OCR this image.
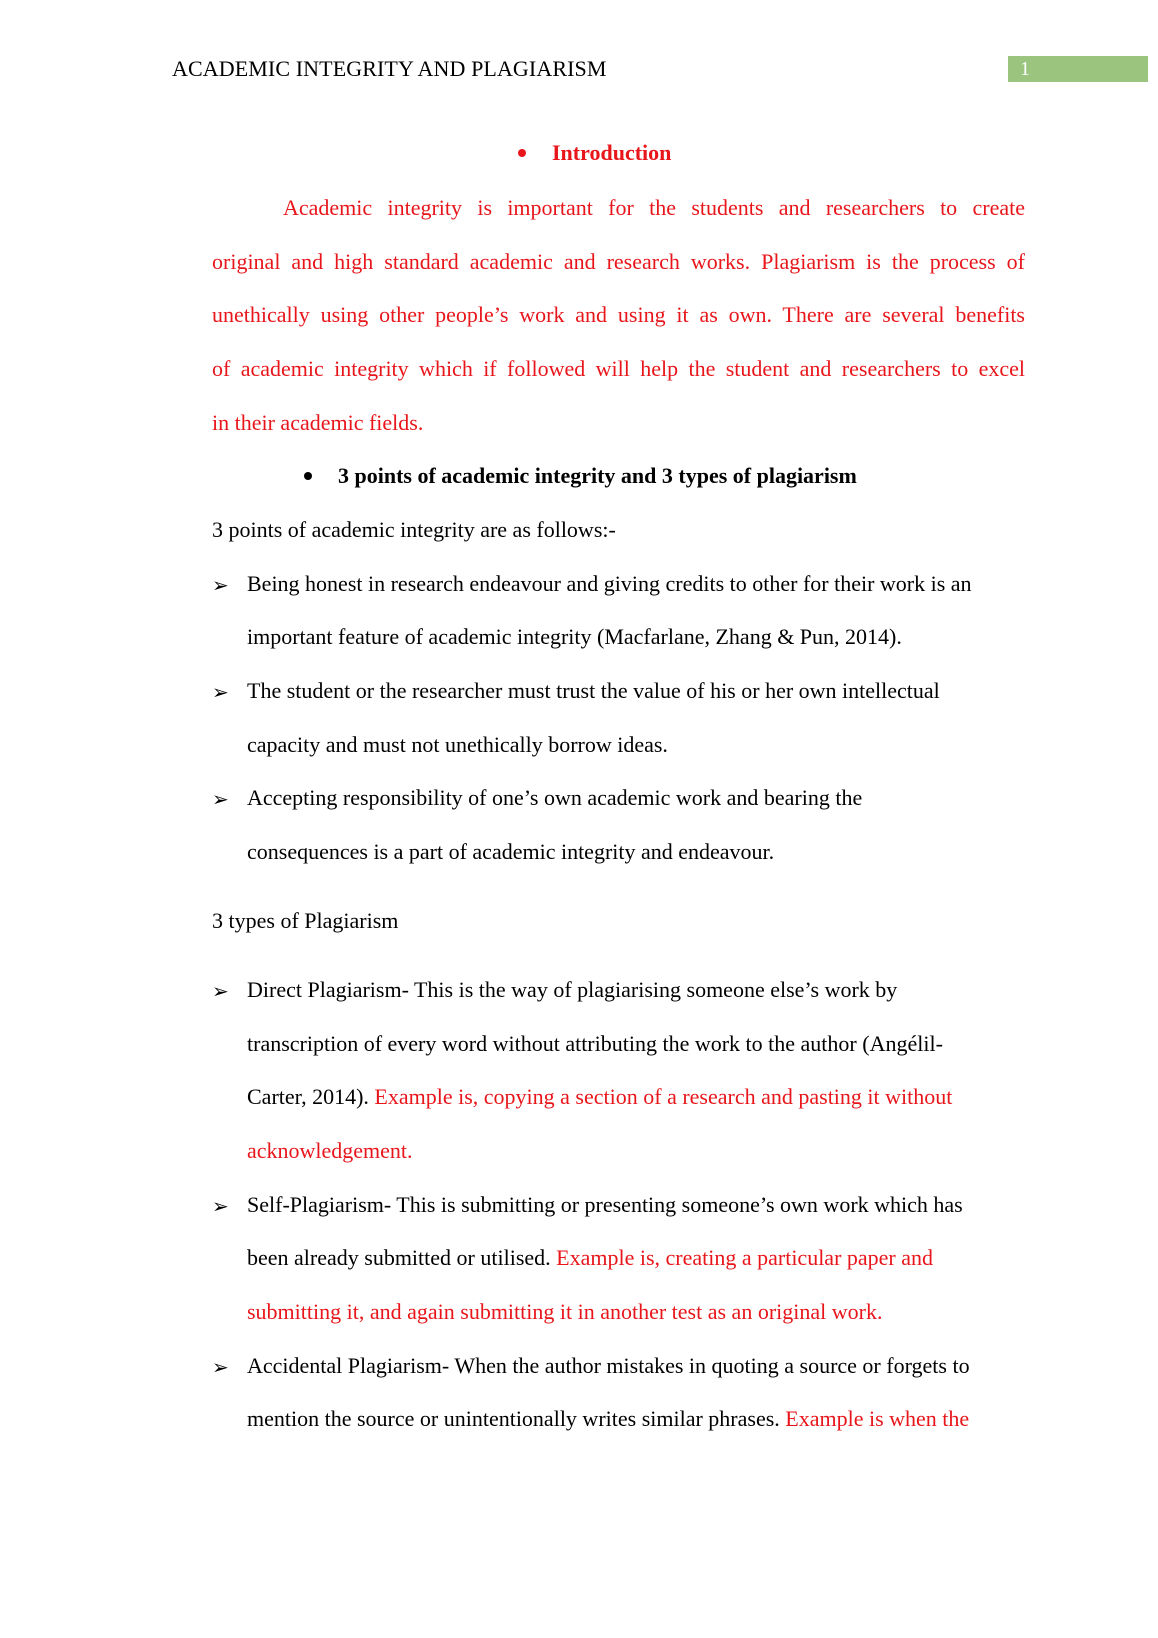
ACADEMIC INTEGRITY AND PLAGIARISM	1
Introduction
Academic integrity is important for the students and researchers to create
original and high standard academic and research works. Plagiarism is the process of
unethically using other people’s work and using it as own. There are several benefits
of academic integrity which if followed will help the student and researchers to excel
in their academic fields.
3 points of academic integrity and 3 types of plagiarism
3 points of academic integrity are as follows:-
➢ Being honest in research endeavour and giving credits to other for their work is an
important feature of academic integrity (Macfarlane, Zhang & Pun, 2014).
➢ The student or the researcher must trust the value of his or her own intellectual
capacity and must not unethically borrow ideas.
➢ Accepting responsibility of one’s own academic work and bearing the
consequences is a part of academic integrity and endeavour.
3 types of Plagiarism
➢ Direct Plagiarism- This is the way of plagiarising someone else’s work by
transcription of every word without attributing the work to the author (Angélil-
Carter, 2014). Example is, copying a section of a research and pasting it without
acknowledgement.
➢ Self-Plagiarism- This is submitting or presenting someone’s own work which has
been already submitted or utilised. Example is, creating a particular paper and
submitting it, and again submitting it in another test as an original work.
➢ Accidental Plagiarism- When the author mistakes in quoting a source or forgets to
mention the source or unintentionally writes similar phrases. Example is when the
